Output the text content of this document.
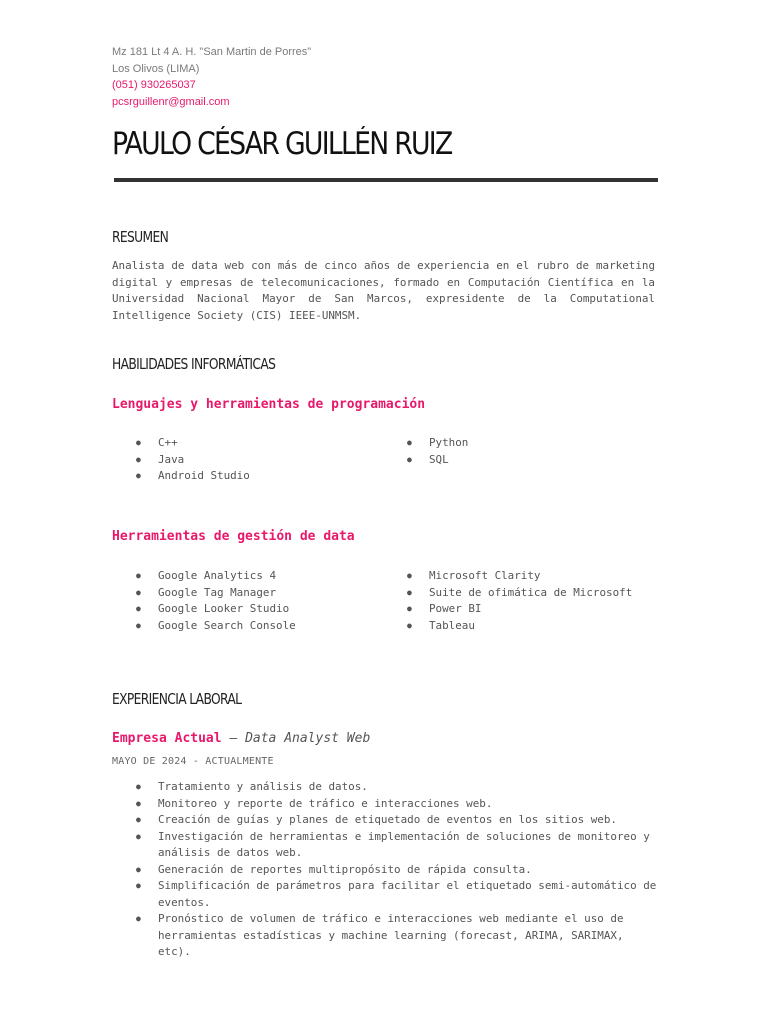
Mz 181 Lt 4 A. H. "San Martin de Porres"
Los Olivos (LIMA)
(051) 930265037
pcsrguillenr@gmail.com
PAULO CÉSAR GUILLÉN RUIZ
RESUMEN
Analista de data web con más de cinco años de experiencia en el rubro de marketing digital y empresas de telecomunicaciones, formado en Computación Científica en la Universidad Nacional Mayor de San Marcos, expresidente de la Computational Intelligence Society (CIS) IEEE-UNMSM.
HABILIDADES INFORMÁTICAS
Lenguajes y herramientas de programación
● C++
● Java
● Android Studio
● Python
● SQL
Herramientas de gestión de data
● Google Analytics 4
● Google Tag Manager
● Google Looker Studio
● Google Search Console
● Microsoft Clarity
● Suite de ofimática de Microsoft
● Power BI
● Tableau
EXPERIENCIA LABORAL
Empresa Actual — Data Analyst Web
MAYO DE 2024 - ACTUALMENTE
● Tratamiento y análisis de datos.
● Monitoreo y reporte de tráfico e interacciones web.
● Creación de guías y planes de etiquetado de eventos en los sitios web.
● Investigación de herramientas e implementación de soluciones de monitoreo y análisis de datos web.
● Generación de reportes multipropósito de rápida consulta.
● Simplificación de parámetros para facilitar el etiquetado semi-automático de eventos.
● Pronóstico de volumen de tráfico e interacciones web mediante el uso de herramientas estadísticas y machine learning (forecast, ARIMA, SARIMAX, etc).
